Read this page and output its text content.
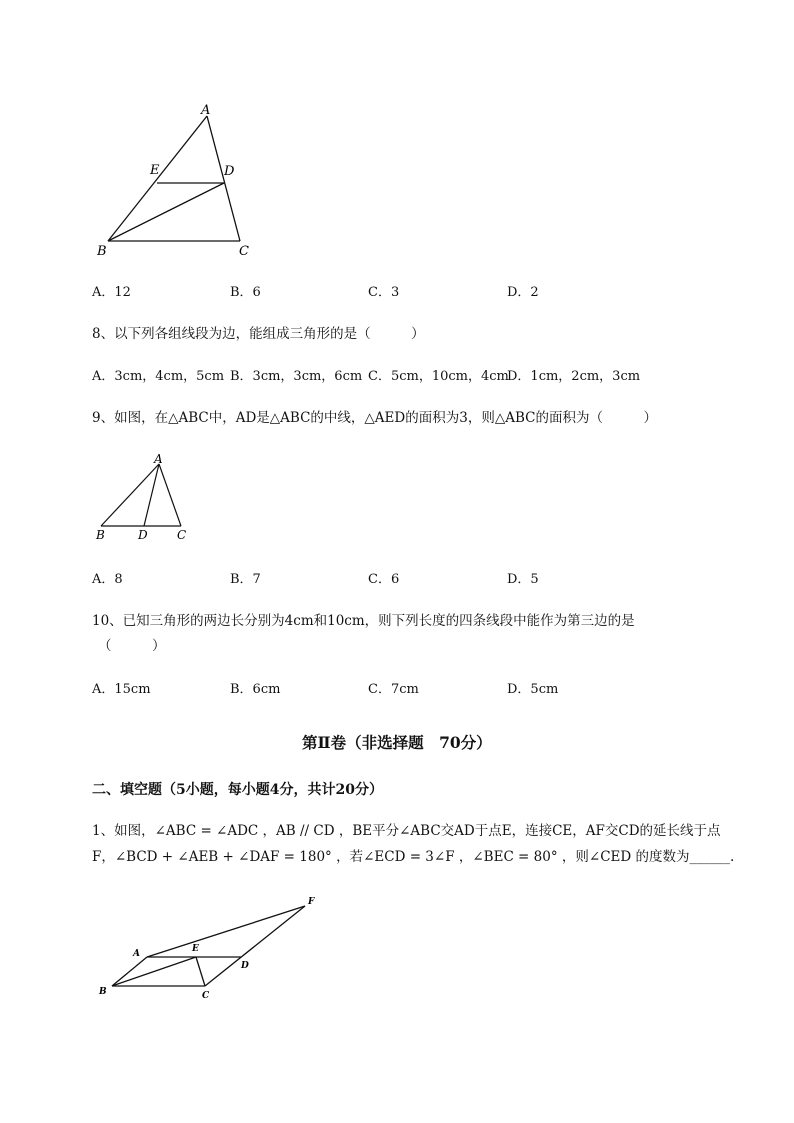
A
E	D
B	C
A．12	B．6	C．3	D．2
8、以下列各组线段为边，能组成三角形的是（　　　）
A．3cm，4cm，5cm B．3cm，3cm，6cm C．5cm，10cm，4cm
D．1cm，2cm，3cm
9、如图，在△ABC中，AD是△ABC的中线，△AED的面积为3，则△ABC的面积为（　　　）
A
B	D C
A．8	B．7	C．6	D．5
10、已知三角形的两边长分别为4cm和10cm，则下列长度的四条线段中能作为第三边的是
（　　　）
A．15cm	B．6cm	C．7cm	D．5cm
第Ⅱ卷（非选择题　70分）
二、填空题（5小题，每小题4分，共计20分）
1、如图，∠ABC = ∠ADC ，AB // CD ，BE平分∠ABC交AD于点E，连接CE，AF交CD的延长线于点
F，∠BCD + ∠AEB + ∠DAF = 180° ，若∠ECD = 3∠F ，∠BEC = 80° ，则∠CED 的度数为______.
A
B	C
D
E
F
